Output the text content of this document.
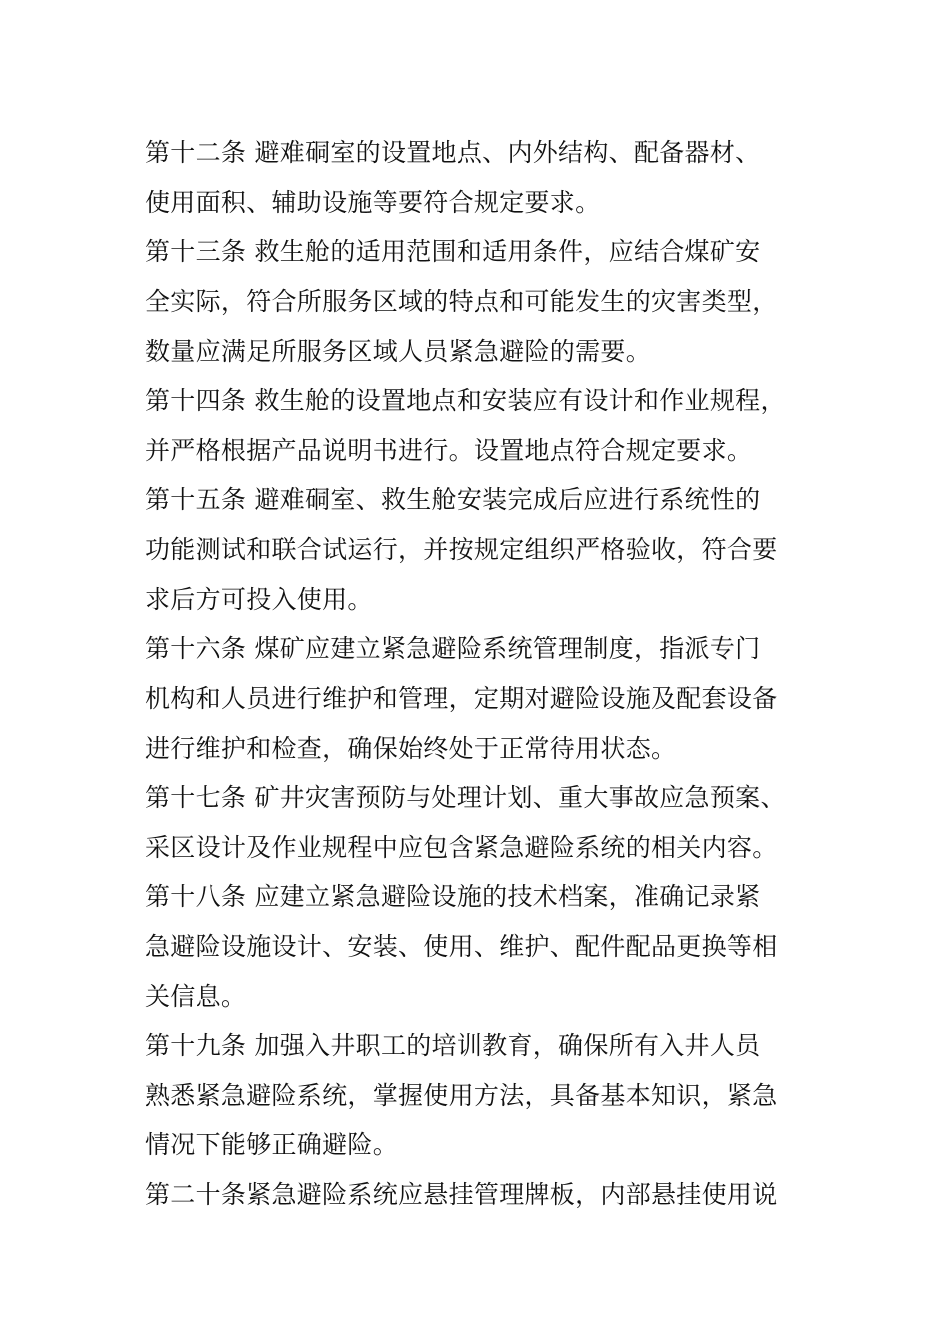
第十二条 避难硐室的设置地点、内外结构、配备器材、
使用面积、辅助设施等要符合规定要求。
第十三条 救生舱的适用范围和适用条件，应结合煤矿安
全实际，符合所服务区域的特点和可能发生的灾害类型，
数量应满足所服务区域人员紧急避险的需要。
第十四条 救生舱的设置地点和安装应有设计和作业规程，
并严格根据产品说明书进行。设置地点符合规定要求。
第十五条 避难硐室、救生舱安装完成后应进行系统性的
功能测试和联合试运行，并按规定组织严格验收，符合要
求后方可投入使用。
第十六条 煤矿应建立紧急避险系统管理制度，指派专门
机构和人员进行维护和管理，定期对避险设施及配套设备
进行维护和检查，确保始终处于正常待用状态。
第十七条 矿井灾害预防与处理计划、重大事故应急预案、
采区设计及作业规程中应包含紧急避险系统的相关内容。
第十八条 应建立紧急避险设施的技术档案，准确记录紧
急避险设施设计、安装、使用、维护、配件配品更换等相
关信息。
第十九条 加强入井职工的培训教育，确保所有入井人员
熟悉紧急避险系统，掌握使用方法，具备基本知识，紧急
情况下能够正确避险。
第二十条紧急避险系统应悬挂管理牌板，内部悬挂使用说
